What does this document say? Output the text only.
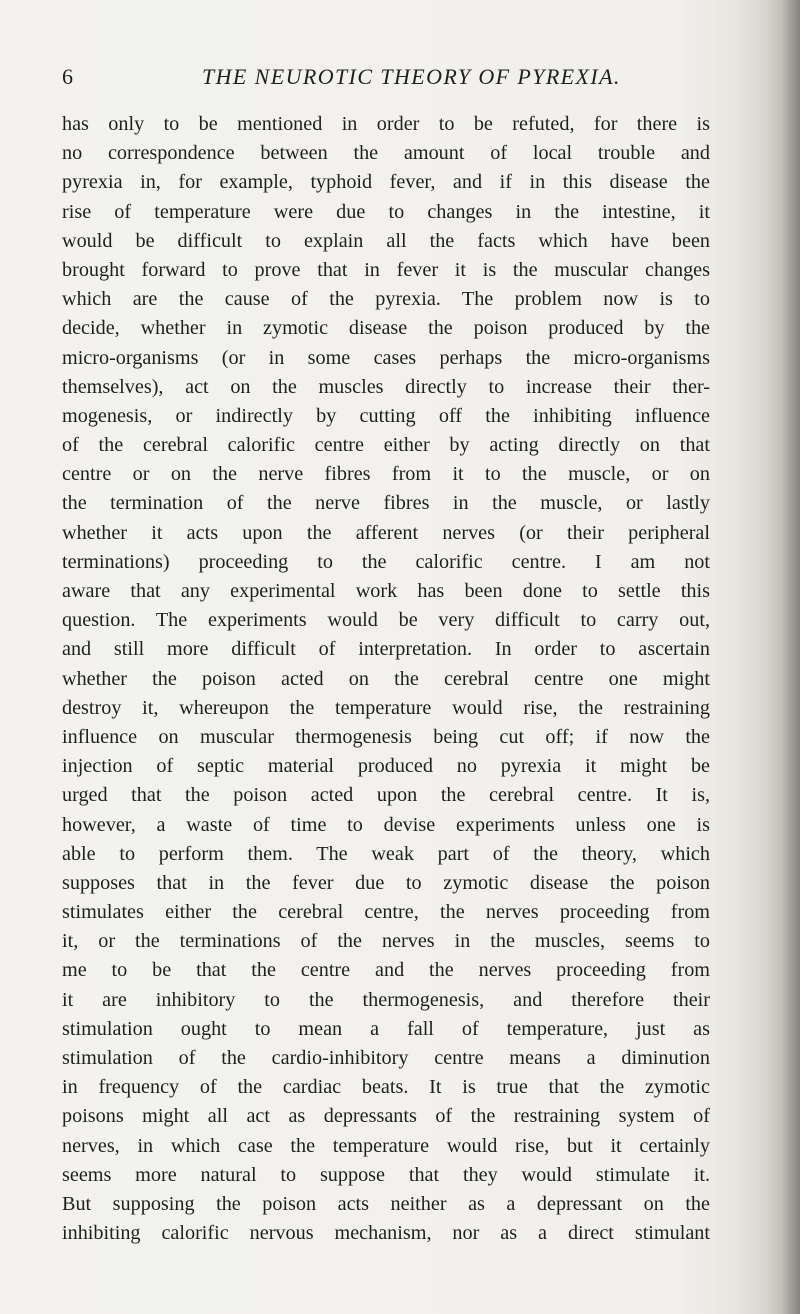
6	THE NEUROTIC THEORY OF PYREXIA.
has only to be mentioned in order to be refuted, for there is
no correspondence between the amount of local trouble and
pyrexia in, for example, typhoid fever, and if in this disease the
rise of temperature were due to changes in the intestine, it
would be difficult to explain all the facts which have been
brought forward to prove that in fever it is the muscular changes
which are the cause of the pyrexia. The problem now is to
decide, whether in zymotic disease the poison produced by the
micro-organisms (or in some cases perhaps the micro-organisms
themselves), act on the muscles directly to increase their ther-
mogenesis, or indirectly by cutting off the inhibiting influence
of the cerebral calorific centre either by acting directly on that
centre or on the nerve fibres from it to the muscle, or on
the termination of the nerve fibres in the muscle, or lastly
whether it acts upon the afferent nerves (or their peripheral
terminations) proceeding to the calorific centre. I am not
aware that any experimental work has been done to settle this
question. The experiments would be very difficult to carry out,
and still more difficult of interpretation. In order to ascertain
whether the poison acted on the cerebral centre one might
destroy it, whereupon the temperature would rise, the restraining
influence on muscular thermogenesis being cut off; if now the
injection of septic material produced no pyrexia it might be
urged that the poison acted upon the cerebral centre. It is,
however, a waste of time to devise experiments unless one is
able to perform them. The weak part of the theory, which
supposes that in the fever due to zymotic disease the poison
stimulates either the cerebral centre, the nerves proceeding from
it, or the terminations of the nerves in the muscles, seems to
me to be that the centre and the nerves proceeding from
it are inhibitory to the thermogenesis, and therefore their
stimulation ought to mean a fall of temperature, just as
stimulation of the cardio-inhibitory centre means a diminution
in frequency of the cardiac beats. It is true that the zymotic
poisons might all act as depressants of the restraining system of
nerves, in which case the temperature would rise, but it certainly
seems more natural to suppose that they would stimulate it.
But supposing the poison acts neither as a depressant on the
inhibiting calorific nervous mechanism, nor as a direct stimulant
